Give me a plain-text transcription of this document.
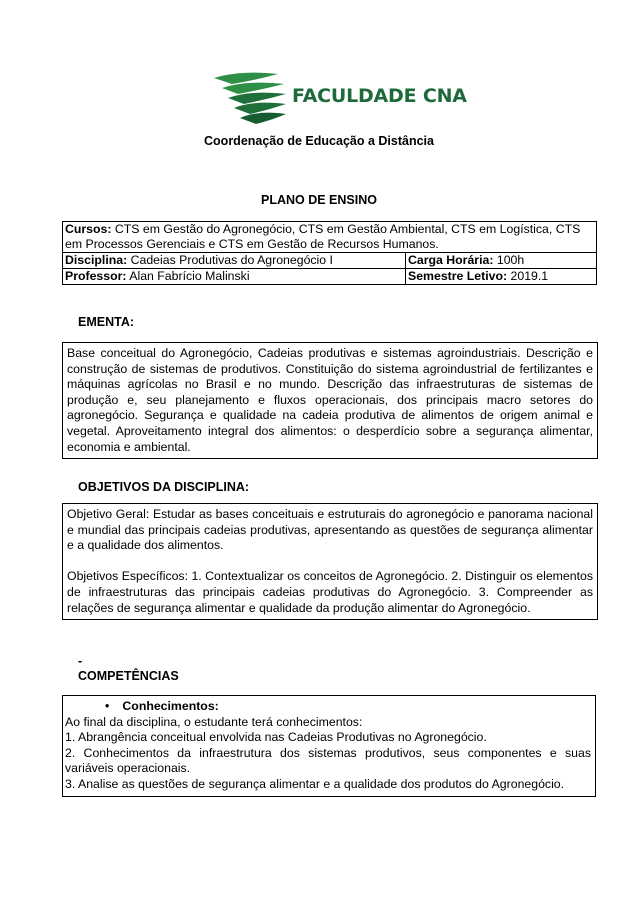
FACULDADE CNA
Coordenação de Educação a Distância
PLANO DE ENSINO
Cursos: CTS em Gestão do Agronegócio, CTS em Gestão Ambiental, CTS em Logística, CTS em Processos Gerenciais e CTS em Gestão de Recursos Humanos.	
Disciplina: Cadeias Produtivas do Agronegócio I	Carga Horária: 100h
Professor: Alan Fabrício Malinski	Semestre Letivo: 2019.1
EMENTA:

Base conceitual do Agronegócio, Cadeias produtivas e sistemas agroindustriais. Descrição e construção de sistemas de produtivos. Constituição do sistema agroindustrial de fertilizantes e máquinas agrícolas no Brasil e no mundo. Descrição das infraestruturas de sistemas de produção e, seu planejamento e fluxos operacionais, dos principais macro setores do agronegócio. Segurança e qualidade na cadeia produtiva de alimentos de origem animal e vegetal. Aproveitamento integral dos alimentos: o desperdício sobre a segurança alimentar, economia e ambiental.

OBJETIVOS DA DISCIPLINA:

Objetivo Geral: Estudar as bases conceituais e estruturais do agronegócio e panorama nacional e mundial das principais cadeias produtivas, apresentando as questões de segurança alimentar e a qualidade dos alimentos.

Objetivos Específicos: 1. Contextualizar os conceitos de Agronegócio. 2. Distinguir os elementos de infraestruturas das principais cadeias produtivas do Agronegócio. 3. Compreender as relações de segurança alimentar e qualidade da produção alimentar do Agronegócio.

-
COMPETÊNCIAS

• Conhecimentos:

Ao final da disciplina, o estudante terá conhecimentos:

1. Abrangência conceitual envolvida nas Cadeias Produtivas no Agronegócio.

2. Conhecimentos da infraestrutura dos sistemas produtivos, seus componentes e suas variáveis operacionais.

3. Analise as questões de segurança alimentar e a qualidade dos produtos do Agronegócio.
